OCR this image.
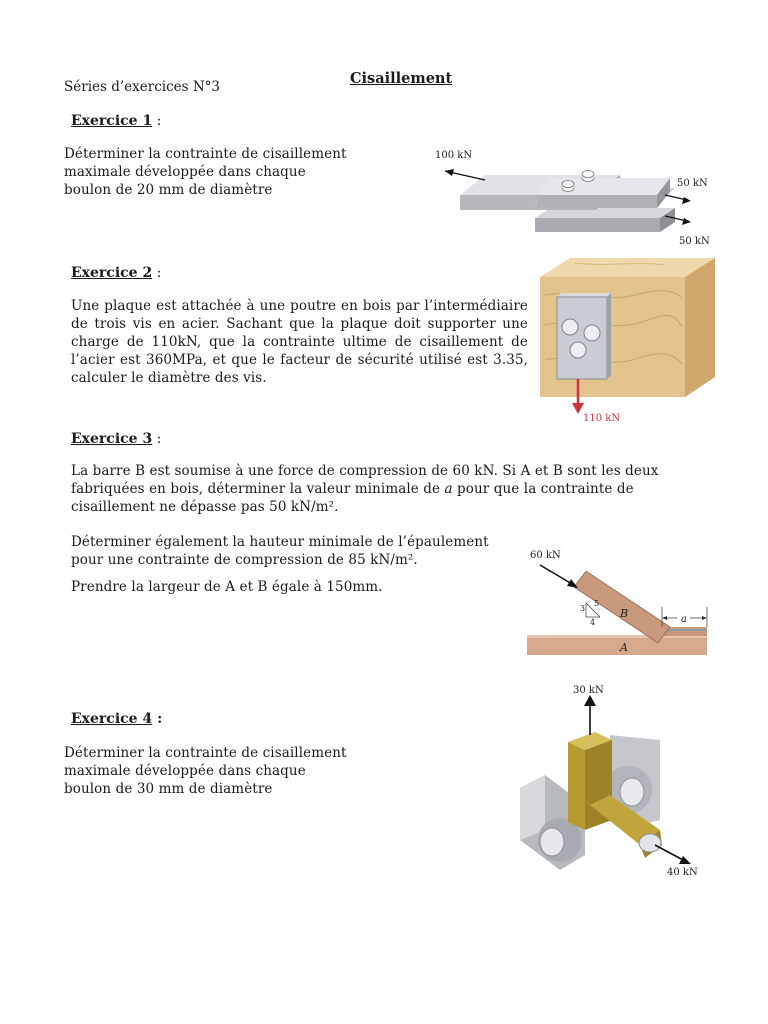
Séries d’exercices N°3	Cisaillement
Exercice 1 :
Déterminer la contrainte de cisaillement
maximale développée dans chaque
boulon de 20 mm de diamètre
100 kN
50 kN
50 kN
Exercice 2 :
Une plaque est attachée à une poutre en bois par l’intermédiaire
de trois vis en acier. Sachant que la plaque doit supporter une
charge de 110kN, que la contrainte ultime de cisaillement de
l’acier est 360MPa, et que le facteur de sécurité utilisé est 3.35,
calculer le diamètre des vis.
110 kN
Exercice 3 :
La barre B est soumise à une force de compression de 60 kN. Si A et B sont les deux
fabriquées en bois, déterminer la valeur minimale de a pour que la contrainte de
cisaillement ne dépasse pas 50 kN/m².
Déterminer également la hauteur minimale de l’épaulement
pour une contrainte de compression de 85 kN/m².
Prendre la largeur de A et B égale à 150mm.
60 kN
3
5
4
B
A
a
Exercice 4 :
Déterminer la contrainte de cisaillement
maximale développée dans chaque
boulon de 30 mm de diamètre
30 kN
40 kN
